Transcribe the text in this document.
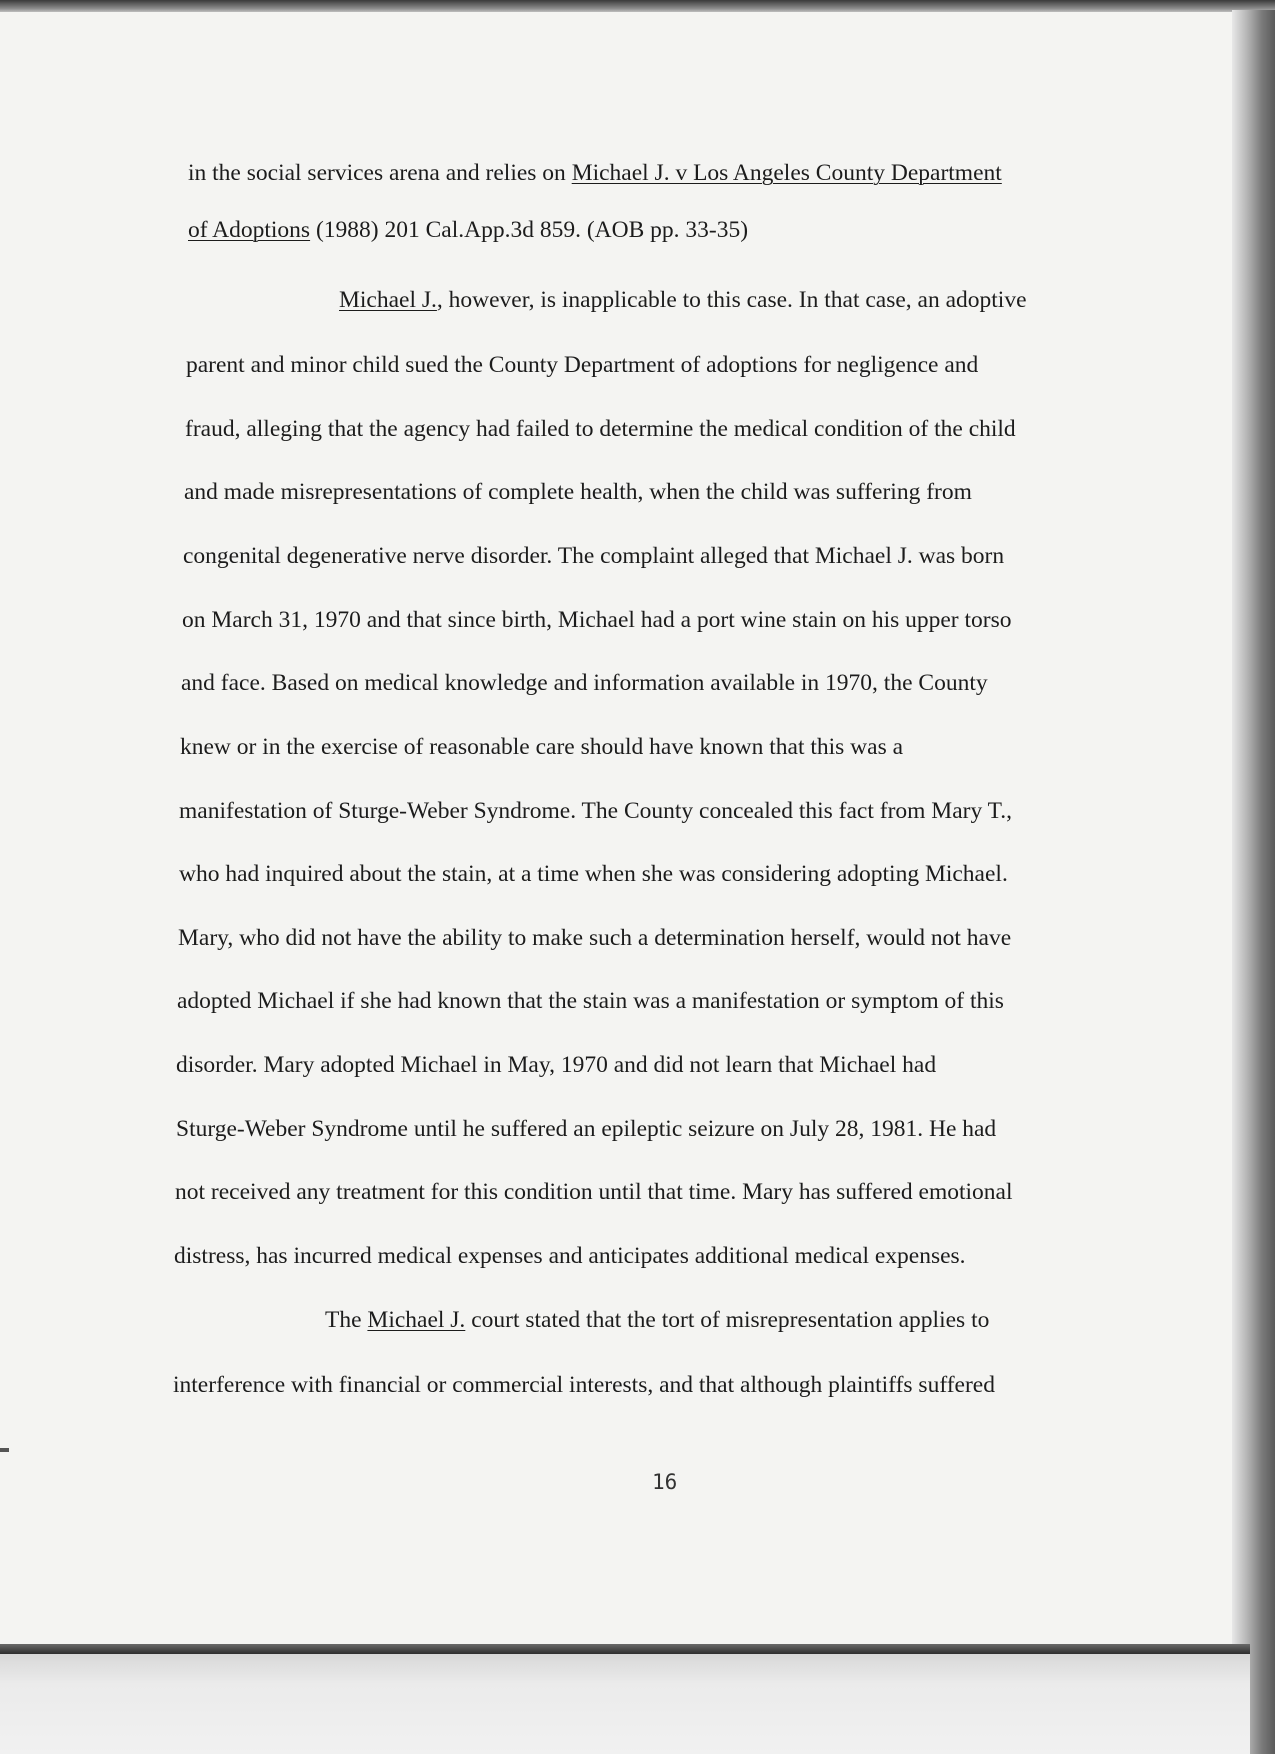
in the social services arena and relies on Michael J. v Los Angeles County Department
of Adoptions (1988) 201 Cal.App.3d 859. (AOB pp. 33-35)
Michael J., however, is inapplicable to this case. In that case, an adoptive
parent and minor child sued the County Department of adoptions for negligence and
fraud, alleging that the agency had failed to determine the medical condition of the child
and made misrepresentations of complete health, when the child was suffering from
congenital degenerative nerve disorder. The complaint alleged that Michael J. was born
on March 31, 1970 and that since birth, Michael had a port wine stain on his upper torso
and face. Based on medical knowledge and information available in 1970, the County
knew or in the exercise of reasonable care should have known that this was a
manifestation of Sturge-Weber Syndrome. The County concealed this fact from Mary T.,
who had inquired about the stain, at a time when she was considering adopting Michael.
Mary, who did not have the ability to make such a determination herself, would not have
adopted Michael if she had known that the stain was a manifestation or symptom of this
disorder. Mary adopted Michael in May, 1970 and did not learn that Michael had
Sturge-Weber Syndrome until he suffered an epileptic seizure on July 28, 1981. He had
not received any treatment for this condition until that time. Mary has suffered emotional
distress, has incurred medical expenses and anticipates additional medical expenses.
The Michael J. court stated that the tort of misrepresentation applies to
interference with financial or commercial interests, and that although plaintiffs suffered
16
